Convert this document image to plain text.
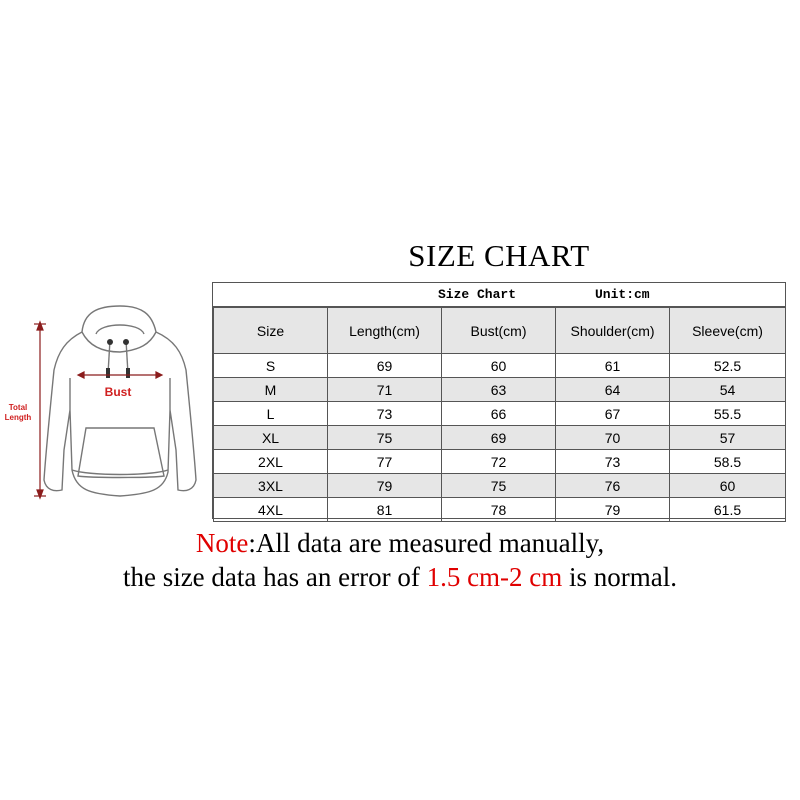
Bust
Total
Length
SIZE CHART
Size Chart	Unit:cm
Size	Length(cm)	Bust(cm)	Shoulder(cm)	Sleeve(cm)
S	69	60	61	52.5
M	71	63	64	54
L	73	66	67	55.5
XL	75	69	70	57
2XL	77	72	73	58.5
3XL	79	75	76	60
4XL	81	78	79	61.5
Note:All data are measured manually,
the size data has an error of 1.5 cm-2 cm is normal.
